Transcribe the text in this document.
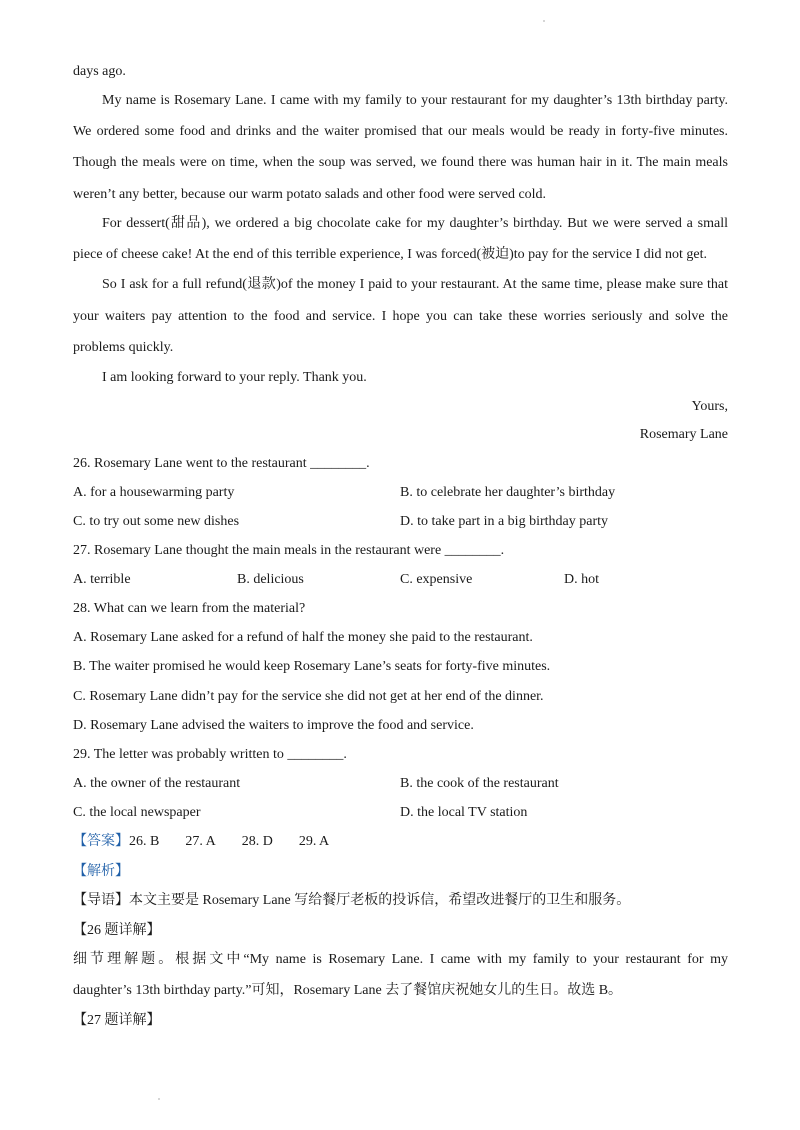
days ago.
My name is Rosemary Lane. I came with my family to your restaurant for my daughter’s 13th birthday party.
We ordered some food and drinks and the waiter promised that our meals would be ready in forty-five minutes.
Though the meals were on time, when the soup was served, we found there was human hair in it. The main meals
weren’t any better, because our warm potato salads and other food were served cold.
For dessert(甜品), we ordered a big chocolate cake for my daughter’s birthday. But we were served a small
piece of cheese cake! At the end of this terrible experience, I was forced(被迫)to pay for the service I did not get.
So I ask for a full refund(退款)of the money I paid to your restaurant. At the same time, please make sure that
your waiters pay attention to the food and service. I hope you can take these worries seriously and solve the
problems quickly.
I am looking forward to your reply. Thank you.
Yours,
Rosemary Lane
26. Rosemary Lane went to the restaurant ________.
A. for a housewarming party	B. to celebrate her daughter’s birthday
C. to try out some new dishes	D. to take part in a big birthday party
27. Rosemary Lane thought the main meals in the restaurant were ________.
A. terrible	B. delicious	C. expensive	D. hot
28. What can we learn from the material?
A. Rosemary Lane asked for a refund of half the money she paid to the restaurant.
B. The waiter promised he would keep Rosemary Lane’s seats for forty-five minutes.
C. Rosemary Lane didn’t pay for the service she did not get at her end of the dinner.
D. Rosemary Lane advised the waiters to improve the food and service.
29. The letter was probably written to ________.
A. the owner of the restaurant	B. the cook of the restaurant
C. the local newspaper	D. the local TV station
【答案】26. B 27. A 28. D 29. A
【解析】
【导语】本文主要是 Rosemary Lane 写给餐厅老板的投诉信，希望改进餐厅的卫生和服务。
【26 题详解】
细节理解题。根据文中“My name is Rosemary Lane. I came with my family to your restaurant for my
daughter’s 13th birthday party.”可知，Rosemary Lane 去了餐馆庆祝她女儿的生日。故选 B。
【27 题详解】
